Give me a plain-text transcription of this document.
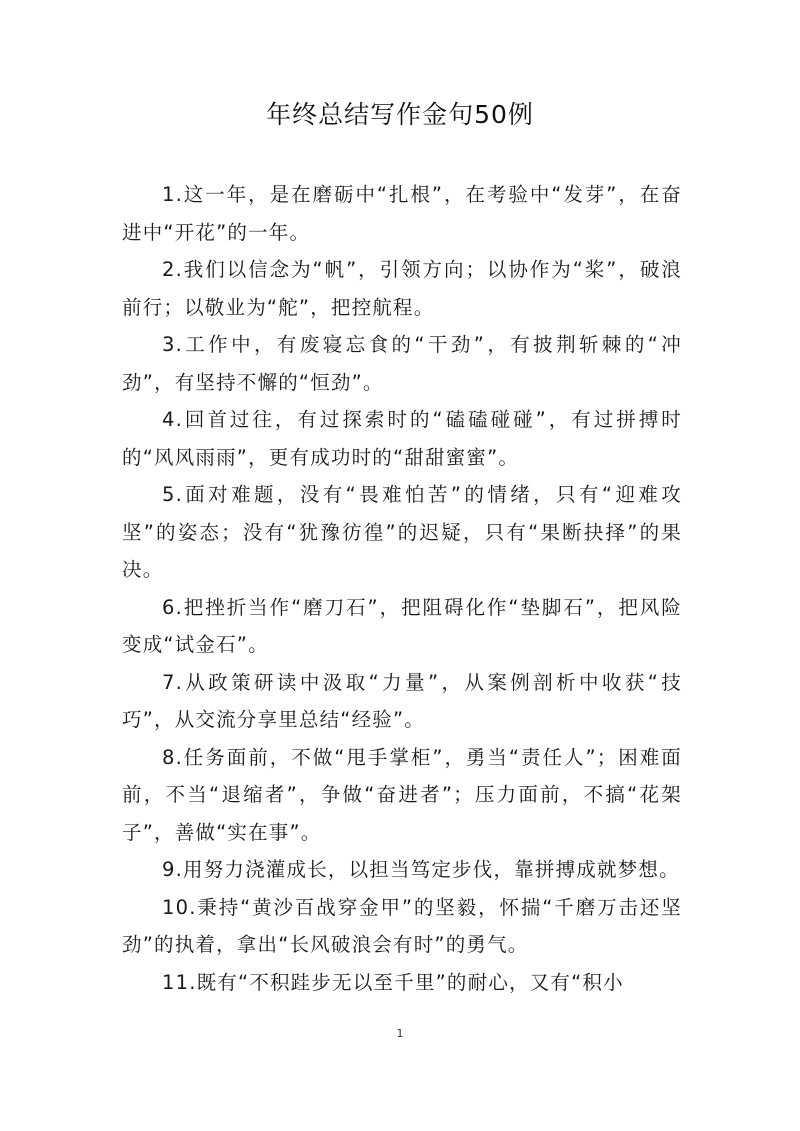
年终总结写作金句50例

1.这一年，是在磨砺中“扎根”，在考验中“发芽”，在奋进中“开花”的一年。

2.我们以信念为“帆”，引领方向；以协作为“桨”，破浪前行；以敬业为“舵”，把控航程。

3.工作中，有废寝忘食的“干劲”，有披荆斩棘的“冲劲”，有坚持不懈的“恒劲”。

4.回首过往，有过探索时的“磕磕碰碰”，有过拼搏时的“风风雨雨”，更有成功时的“甜甜蜜蜜”。

5.面对难题，没有“畏难怕苦”的情绪，只有“迎难攻坚”的姿态；没有“犹豫彷徨”的迟疑，只有“果断抉择”的果决。

6.把挫折当作“磨刀石”，把阻碍化作“垫脚石”，把风险变成“试金石”。

7.从政策研读中汲取“力量”，从案例剖析中收获“技巧”，从交流分享里总结“经验”。

8.任务面前，不做“甩手掌柜”，勇当“责任人”；困难面前，不当“退缩者”，争做“奋进者”；压力面前，不搞“花架子”，善做“实在事”。

9.用努力浇灌成长，以担当笃定步伐，靠拼搏成就梦想。

10.秉持“黄沙百战穿金甲”的坚毅，怀揣“千磨万击还坚劲”的执着，拿出“长风破浪会有时”的勇气。

11.既有“不积跬步无以至千里”的耐心，又有“积小

1
